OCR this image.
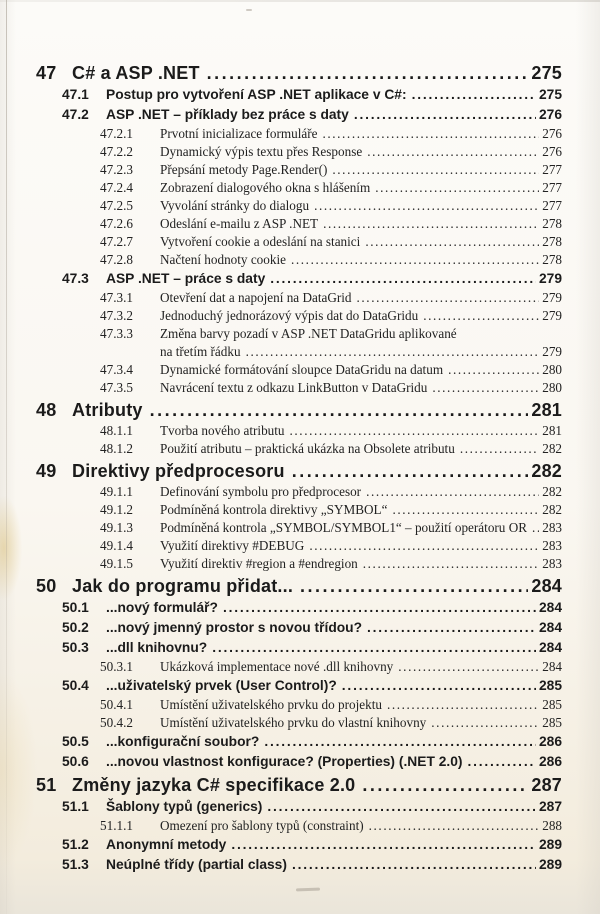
47 C# a ASP .NET .....	275
47.1	Postup pro vytvoření ASP .NET aplikace v C#: .....	275
47.2	ASP .NET – příklady bez práce s daty .....	276
47.2.1	Prvotní inicializace formuláře .....	276
47.2.2	Dynamický výpis textu přes Response .....	276
47.2.3	Přepsání metody Page.Render() .....	277
47.2.4	Zobrazení dialogového okna s hlášením .....	277
47.2.5	Vyvolání stránky do dialogu .....	277
47.2.6	Odeslání e-mailu z ASP .NET .....	278
47.2.7	Vytvoření cookie a odeslání na stanici .....	278
47.2.8	Načtení hodnoty cookie .....	278
47.3	ASP .NET – práce s daty .....	279
47.3.1	Otevření dat a napojení na DataGrid .....	279
47.3.2	Jednoduchý jednorázový výpis dat do DataGridu .....	279
47.3.3	Změna barvy pozadí v ASP .NET DataGridu aplikované
na třetím řádku .....	279
47.3.4	Dynamické formátování sloupce DataGridu na datum .....	280
47.3.5	Navrácení textu z odkazu LinkButton v DataGridu .....	280
48 Atributy .....	281
48.1.1	Tvorba nového atributu .....	281
48.1.2	Použití atributu – praktická ukázka na Obsolete atributu .....	282
49 Direktivy předprocesoru .....	282
49.1.1	Definování symbolu pro předprocesor .....	282
49.1.2	Podmíněná kontrola direktivy „SYMBOL“ .....	282
49.1.3	Podmíněná kontrola „SYMBOL/SYMBOL1“ – použití operátoru OR ..... 283
49.1.4	Využití direktivy #DEBUG .....	283
49.1.5	Využití direktiv #region a #endregion .....	283
50 Jak do programu přidat... .....	284
50.1	...nový formulář? .....	284
50.2	...nový jmenný prostor s novou třídou? .....	284
50.3	...dll knihovnu? .....	284
50.3.1	Ukázková implementace nové .dll knihovny .....	284
50.4	...uživatelský prvek (User Control)? .....	285
50.4.1	Umístění uživatelského prvku do projektu .....	285
50.4.2	Umístění uživatelského prvku do vlastní knihovny .....	285
50.5	...konfigurační soubor? .....	286
50.6	...novou vlastnost konfigurace? (Properties) (.NET 2.0) .....	286
51 Změny jazyka C# specifikace 2.0 .....	287
51.1	Šablony typů (generics) .....	287
51.1.1	Omezení pro šablony typů (constraint) .....	288
51.2	Anonymní metody .....	289
51.3	Neúplné třídy (partial class) .....	289
